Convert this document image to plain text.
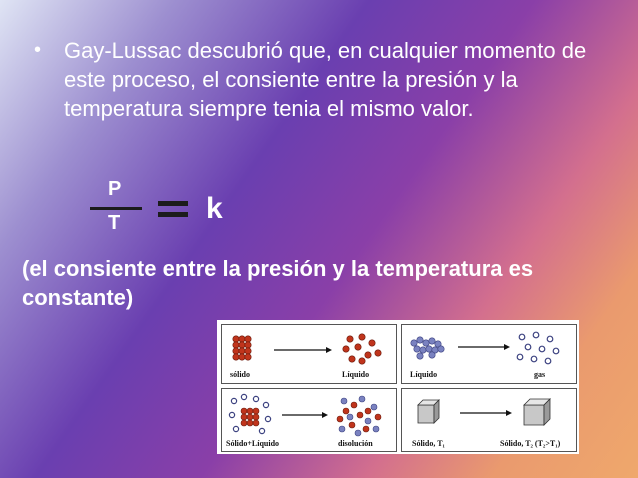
• Gay-Lussac descubrió que, en cualquier momento de este proceso, el consiente entre la presión y la temperatura siempre tenia el mismo valor.
P
T	k
(el consiente entre la presión y la temperatura es constante)
sólido	Líquido	Líquido	gas
Sólido+Líquido	disolución	Sólido, T₁	Sólido, T₂ (T₂>T₁)
